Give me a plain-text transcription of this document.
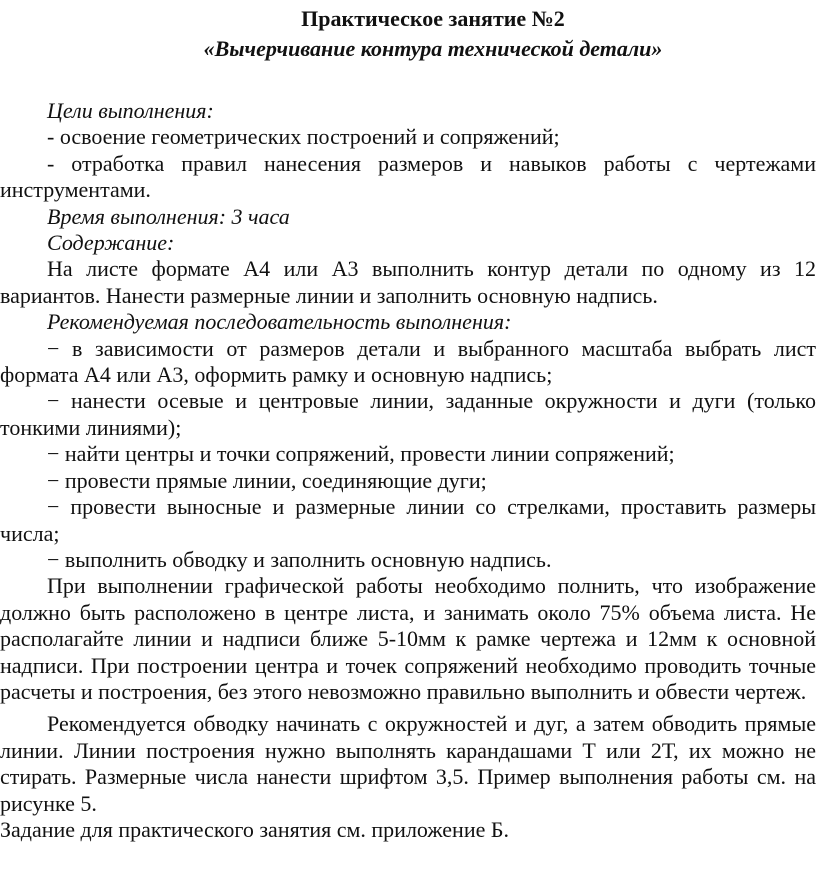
Практическое занятие №2

«Вычерчивание контура технической детали»

Цели выполнения:

- освоение геометрических построений и сопряжений;

- отработка правил нанесения размеров и навыков работы с чертежами инструментами.

Время выполнения: 3 часа

Содержание:

На листе формате А4 или А3 выполнить контур детали по одному из 12 вариантов. Нанести размерные линии и заполнить основную надпись.

Рекомендуемая последовательность выполнения:

− в зависимости от размеров детали и выбранного масштаба выбрать лист формата А4 или А3, оформить рамку и основную надпись;

− нанести осевые и центровые линии, заданные окружности и дуги (только тонкими линиями);

− найти центры и точки сопряжений, провести линии сопряжений;

− провести прямые линии, соединяющие дуги;

− провести выносные и размерные линии со стрелками, проставить размеры числа;

− выполнить обводку и заполнить основную надпись.

При выполнении графической работы необходимо полнить, что изображение должно быть расположено в центре листа, и занимать около 75% объема листа. Не располагайте линии и надписи ближе 5-10мм к рамке чертежа и 12мм к основной надписи. При построении центра и точек сопряжений необходимо проводить точные расчеты и построения, без этого невозможно правильно выполнить и обвести чертеж.

Рекомендуется обводку начинать с окружностей и дуг, а затем обводить прямые линии. Линии построения нужно выполнять карандашами Т или 2Т, их можно не стирать. Размерные числа нанести шрифтом 3,5. Пример выполнения работы см. на рисунке 5.

Задание для практического занятия см. приложение Б.
